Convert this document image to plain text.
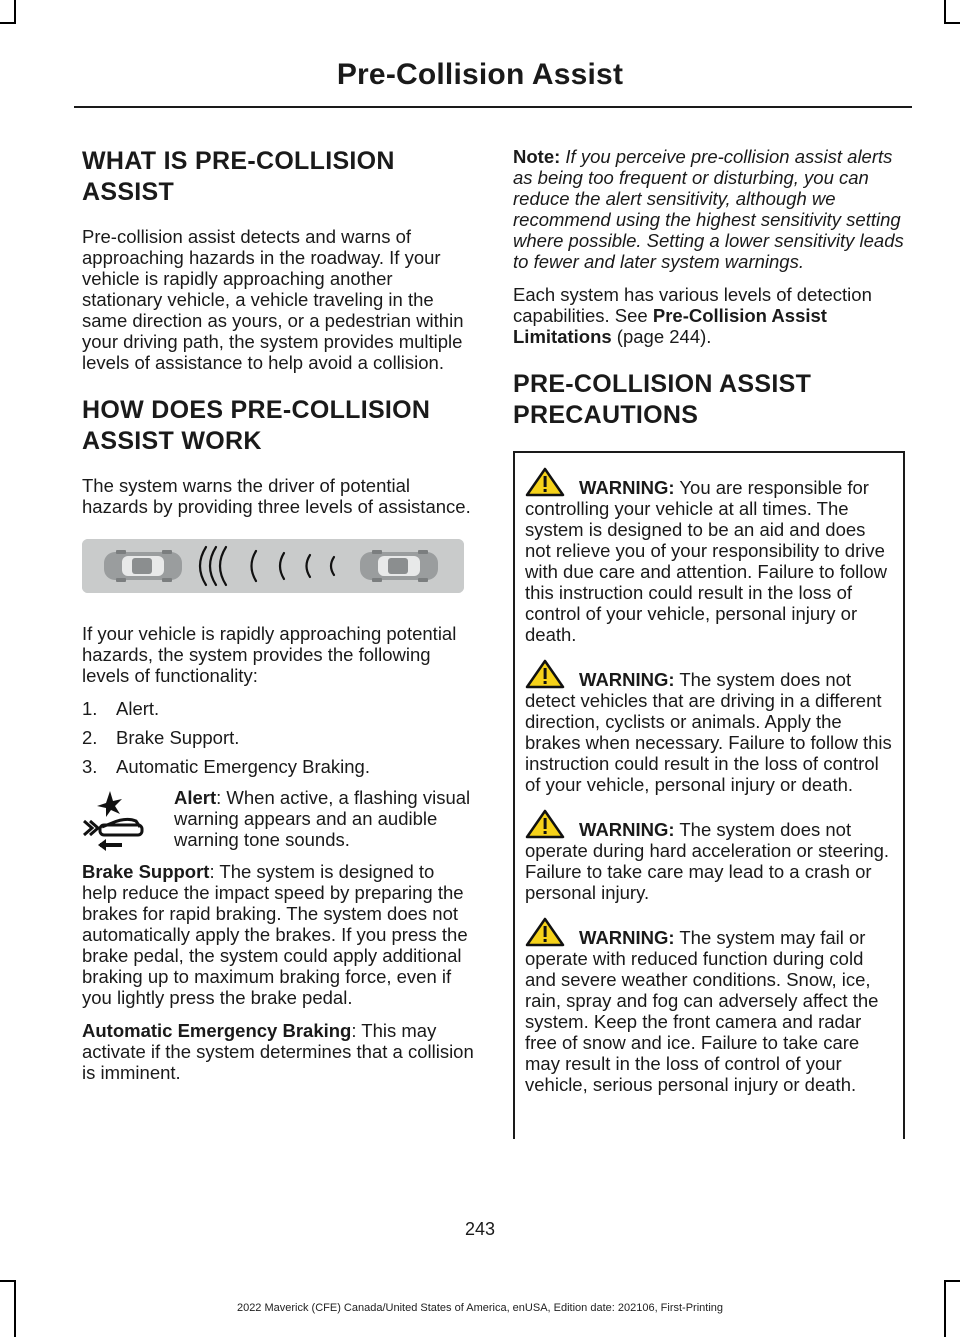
Pre-Collision Assist
WHAT IS PRE-COLLISION ASSIST

Pre-collision assist detects and warns of approaching hazards in the roadway. If your vehicle is rapidly approaching another stationary vehicle, a vehicle traveling in the same direction as yours, or a pedestrian within your driving path, the system provides multiple levels of assistance to help avoid a collision.

HOW DOES PRE-COLLISION ASSIST WORK

The system warns the driver of potential hazards by providing three levels of assistance.

If your vehicle is rapidly approaching potential hazards, the system provides the following levels of functionality:

1.	Alert.
2.	Brake Support.
3.	Automatic Emergency Braking.

Alert: When active, a flashing visual warning appears and an audible warning tone sounds.

Brake Support: The system is designed to help reduce the impact speed by preparing the brakes for rapid braking. The system does not automatically apply the brakes. If you press the brake pedal, the system could apply additional braking up to maximum braking force, even if you lightly press the brake pedal.

Automatic Emergency Braking: This may activate if the system determines that a collision is imminent.

Note: If you perceive pre-collision assist alerts as being too frequent or disturbing, you can reduce the alert sensitivity, although we recommend using the highest sensitivity setting where possible. Setting a lower sensitivity leads to fewer and later system warnings.

Each system has various levels of detection capabilities. See Pre-Collision Assist Limitations (page 244).

PRE-COLLISION ASSIST PRECAUTIONS

WARNING: You are responsible for controlling your vehicle at all times. The system is designed to be an aid and does not relieve you of your responsibility to drive with due care and attention. Failure to follow this instruction could result in the loss of control of your vehicle, personal injury or death.

WARNING: The system does not detect vehicles that are driving in a different direction, cyclists or animals. Apply the brakes when necessary. Failure to follow this instruction could result in the loss of control of your vehicle, personal injury or death.

WARNING: The system does not operate during hard acceleration or steering. Failure to take care may lead to a crash or personal injury.

WARNING: The system may fail or operate with reduced function during cold and severe weather conditions. Snow, ice, rain, spray and fog can adversely affect the system. Keep the front camera and radar free of snow and ice. Failure to take care may result in the loss of control of your vehicle, serious personal injury or death.

243
2022 Maverick (CFE) Canada/United States of America, enUSA, Edition date: 202106, First-Printing
